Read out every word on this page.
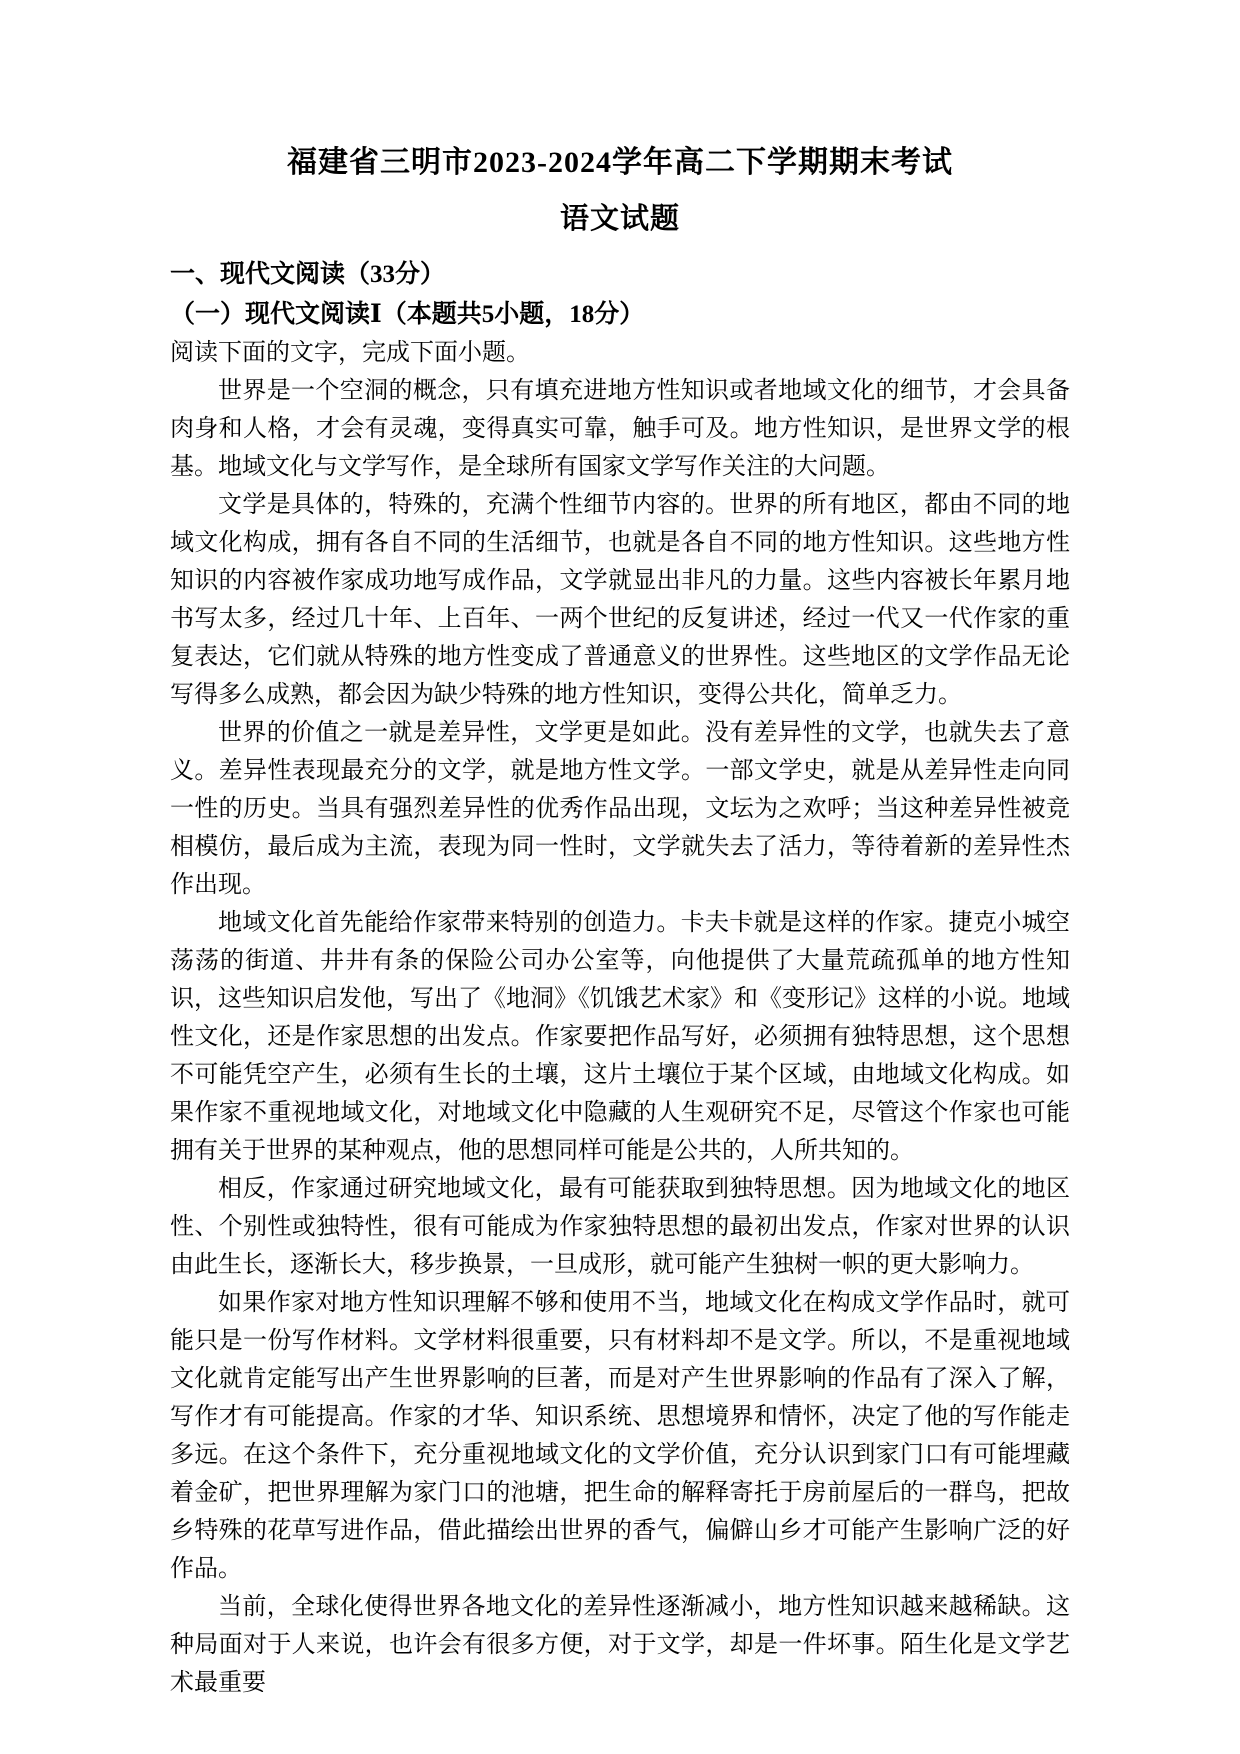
福建省三明市2023-2024学年高二下学期期末考试
语文试题
一、现代文阅读（33分）
（一）现代文阅读Ⅰ（本题共5小题，18分）

阅读下面的文字，完成下面小题。

世界是一个空洞的概念，只有填充进地方性知识或者地域文化的细节，才会具备肉身和人格，才会有灵魂，变得真实可靠，触手可及。地方性知识，是世界文学的根基。地域文化与文学写作，是全球所有国家文学写作关注的大问题。

文学是具体的，特殊的，充满个性细节内容的。世界的所有地区，都由不同的地域文化构成，拥有各自不同的生活细节，也就是各自不同的地方性知识。这些地方性知识的内容被作家成功地写成作品，文学就显出非凡的力量。这些内容被长年累月地书写太多，经过几十年、上百年、一两个世纪的反复讲述，经过一代又一代作家的重复表达，它们就从特殊的地方性变成了普通意义的世界性。这些地区的文学作品无论写得多么成熟，都会因为缺少特殊的地方性知识，变得公共化，简单乏力。

世界的价值之一就是差异性，文学更是如此。没有差异性的文学，也就失去了意义。差异性表现最充分的文学，就是地方性文学。一部文学史，就是从差异性走向同一性的历史。当具有强烈差异性的优秀作品出现，文坛为之欢呼；当这种差异性被竞相模仿，最后成为主流，表现为同一性时，文学就失去了活力，等待着新的差异性杰作出现。

地域文化首先能给作家带来特别的创造力。卡夫卡就是这样的作家。捷克小城空荡荡的街道、井井有条的保险公司办公室等，向他提供了大量荒疏孤单的地方性知识，这些知识启发他，写出了《地洞》《饥饿艺术家》和《变形记》这样的小说。地域性文化，还是作家思想的出发点。作家要把作品写好，必须拥有独特思想，这个思想不可能凭空产生，必须有生长的土壤，这片土壤位于某个区域，由地域文化构成。如果作家不重视地域文化，对地域文化中隐藏的人生观研究不足，尽管这个作家也可能拥有关于世界的某种观点，他的思想同样可能是公共的，人所共知的。

相反，作家通过研究地域文化，最有可能获取到独特思想。因为地域文化的地区性、个别性或独特性，很有可能成为作家独特思想的最初出发点，作家对世界的认识由此生长，逐渐长大，移步换景，一旦成形，就可能产生独树一帜的更大影响力。

如果作家对地方性知识理解不够和使用不当，地域文化在构成文学作品时，就可能只是一份写作材料。文学材料很重要，只有材料却不是文学。所以，不是重视地域文化就肯定能写出产生世界影响的巨著，而是对产生世界影响的作品有了深入了解，写作才有可能提高。作家的才华、知识系统、思想境界和情怀，决定了他的写作能走多远。在这个条件下，充分重视地域文化的文学价值，充分认识到家门口有可能埋藏着金矿，把世界理解为家门口的池塘，把生命的解释寄托于房前屋后的一群鸟，把故乡特殊的花草写进作品，借此描绘出世界的香气，偏僻山乡才可能产生影响广泛的好作品。

当前，全球化使得世界各地文化的差异性逐渐减小，地方性知识越来越稀缺。这种局面对于人来说，也许会有很多方便，对于文学，却是一件坏事。陌生化是文学艺术最重要
